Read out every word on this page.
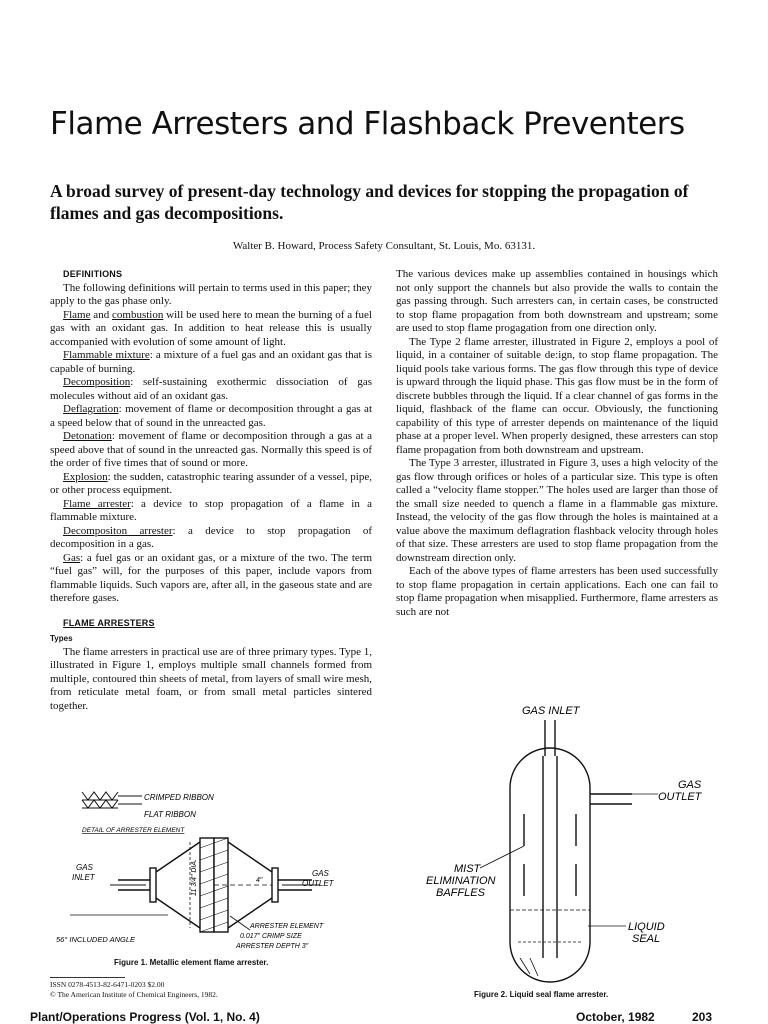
Flame Arresters and Flashback Preventers
A broad survey of present-day technology and devices for stopping the propagation of flames and gas decompositions.
Walter B. Howard, Process Safety Consultant, St. Louis, Mo. 63131.

DEFINITIONS

The following definitions will pertain to terms used in this paper; they apply to the gas phase only.

Flame and combustion will be used here to mean the burning of a fuel gas with an oxidant gas. In addition to heat release this is usually accompanied with evolution of some amount of light.

Flammable mixture: a mixture of a fuel gas and an oxidant gas that is capable of burning.

Decomposition: self-sustaining exothermic dissociation of gas molecules without aid of an oxidant gas.

Deflagration: movement of flame or decomposition throught a gas at a speed below that of sound in the unreacted gas.

Detonation: movement of flame or decomposition through a gas at a speed above that of sound in the unreacted gas. Normally this speed is of the order of five times that of sound or more.

Explosion: the sudden, catastrophic tearing assunder of a vessel, pipe, or other process equipment.

Flame arrester: a device to stop propagation of a flame in a flammable mixture.

Decompositon arrester: a device to stop propagation of decomposition in a gas.

Gas: a fuel gas or an oxidant gas, or a mixture of the two. The term “fuel gas” will, for the purposes of this paper, include vapors from flammable liquids. Such vapors are, after all, in the gaseous state and are therefore gases.

FLAME ARRESTERS

Types

The flame arresters in practical use are of three primary types. Type 1, illustrated in Figure 1, employs multiple small channels formed from multiple, contoured thin sheets of metal, from layers of small wire mesh, from reticulate metal foam, or from small metal particles sintered together.

The various devices make up assemblies contained in housings which not only support the channels but also provide the walls to contain the gas passing through. Such arresters can, in certain cases, be constructed to stop flame propagation from both downstream and upstream; some are used to stop flame progagation from one direction only.

The Type 2 flame arrester, illustrated in Figure 2, employs a pool of liquid, in a container of suitable de:ign, to stop flame propagation. The liquid pools take various forms. The gas flow through this type of device is upward through the liquid phase. This gas flow must be in the form of discrete bubbles through the liquid. If a clear channel of gas forms in the liquid, flashback of the flame can occur. Obviously, the functioning capability of this type of arrester depends on maintenance of the liquid phase at a proper level. When properly designed, these arresters can stop flame propagation from both downstream and upstream.

The Type 3 arrester, illustrated in Figure 3, uses a high velocity of the gas flow through orifices or holes of a particular size. This type is often called a “velocity flame stopper.” The holes used are larger than those of the small size needed to quench a flame in a flammable gas mixture. Instead, the velocity of the gas flow through the holes is maintained at a value above the maximum deflagration flashback velocity through holes of that size. These arresters are used to stop flame propagation from the downstream direction only.

Each of the above types of flame arresters has been used successfully to stop flame propagation in certain applications. Each one can fail to stop flame propagation when misapplied. Furthermore, flame arresters as such are not

CRIMPED RIBBON
FLAT RIBBON
DETAIL OF ARRESTER ELEMENT
GAS
INLET	GAS
OUTLET
11 3/4" DIA.	4"
56° INCLUDED ANGLE
ARRESTER ELEMENT
0.017" CRIMP SIZE
ARRESTER DEPTH 3"
Figure 1. Metallic element flame arrester.
GAS INLET
GAS
OUTLET
MIST
ELIMINATION
BAFFLES
LIQUID
SEAL
Figure 2. Liquid seal flame arrester.
ISSN 0278-4513-82-6471-0203 $2.00
© The American Institute of Chemical Engineers, 1982.
Plant/Operations Progress (Vol. 1, No. 4)	October, 1982	203
